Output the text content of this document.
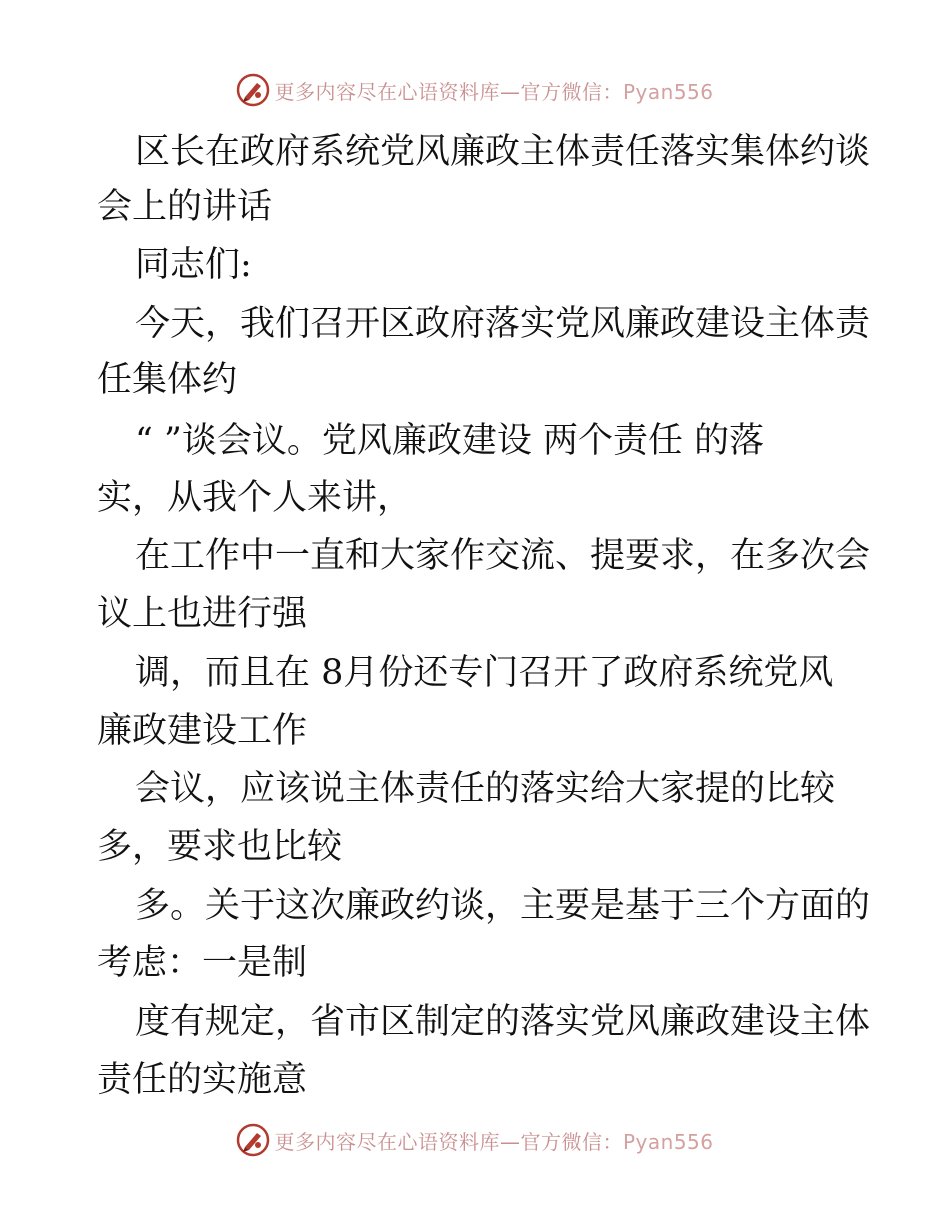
更多内容尽在心语资料库—官方微信：Pyan556
区长在政府系统党风廉政主体责任落实集体约谈
会上的讲话
同志们:
今天，我们召开区政府落实党风廉政建设主体责
任集体约
“ ”谈会议。党风廉政建设 两个责任 的落
实，从我个人来讲，
在工作中一直和大家作交流、提要求，在多次会
议上也进行强
调，而且在 8月份还专门召开了政府系统党风
廉政建设工作
会议，应该说主体责任的落实给大家提的比较
多，要求也比较
多。关于这次廉政约谈，主要是基于三个方面的
考虑：一是制
度有规定，省市区制定的落实党风廉政建设主体
责任的实施意
更多内容尽在心语资料库—官方微信：Pyan556
